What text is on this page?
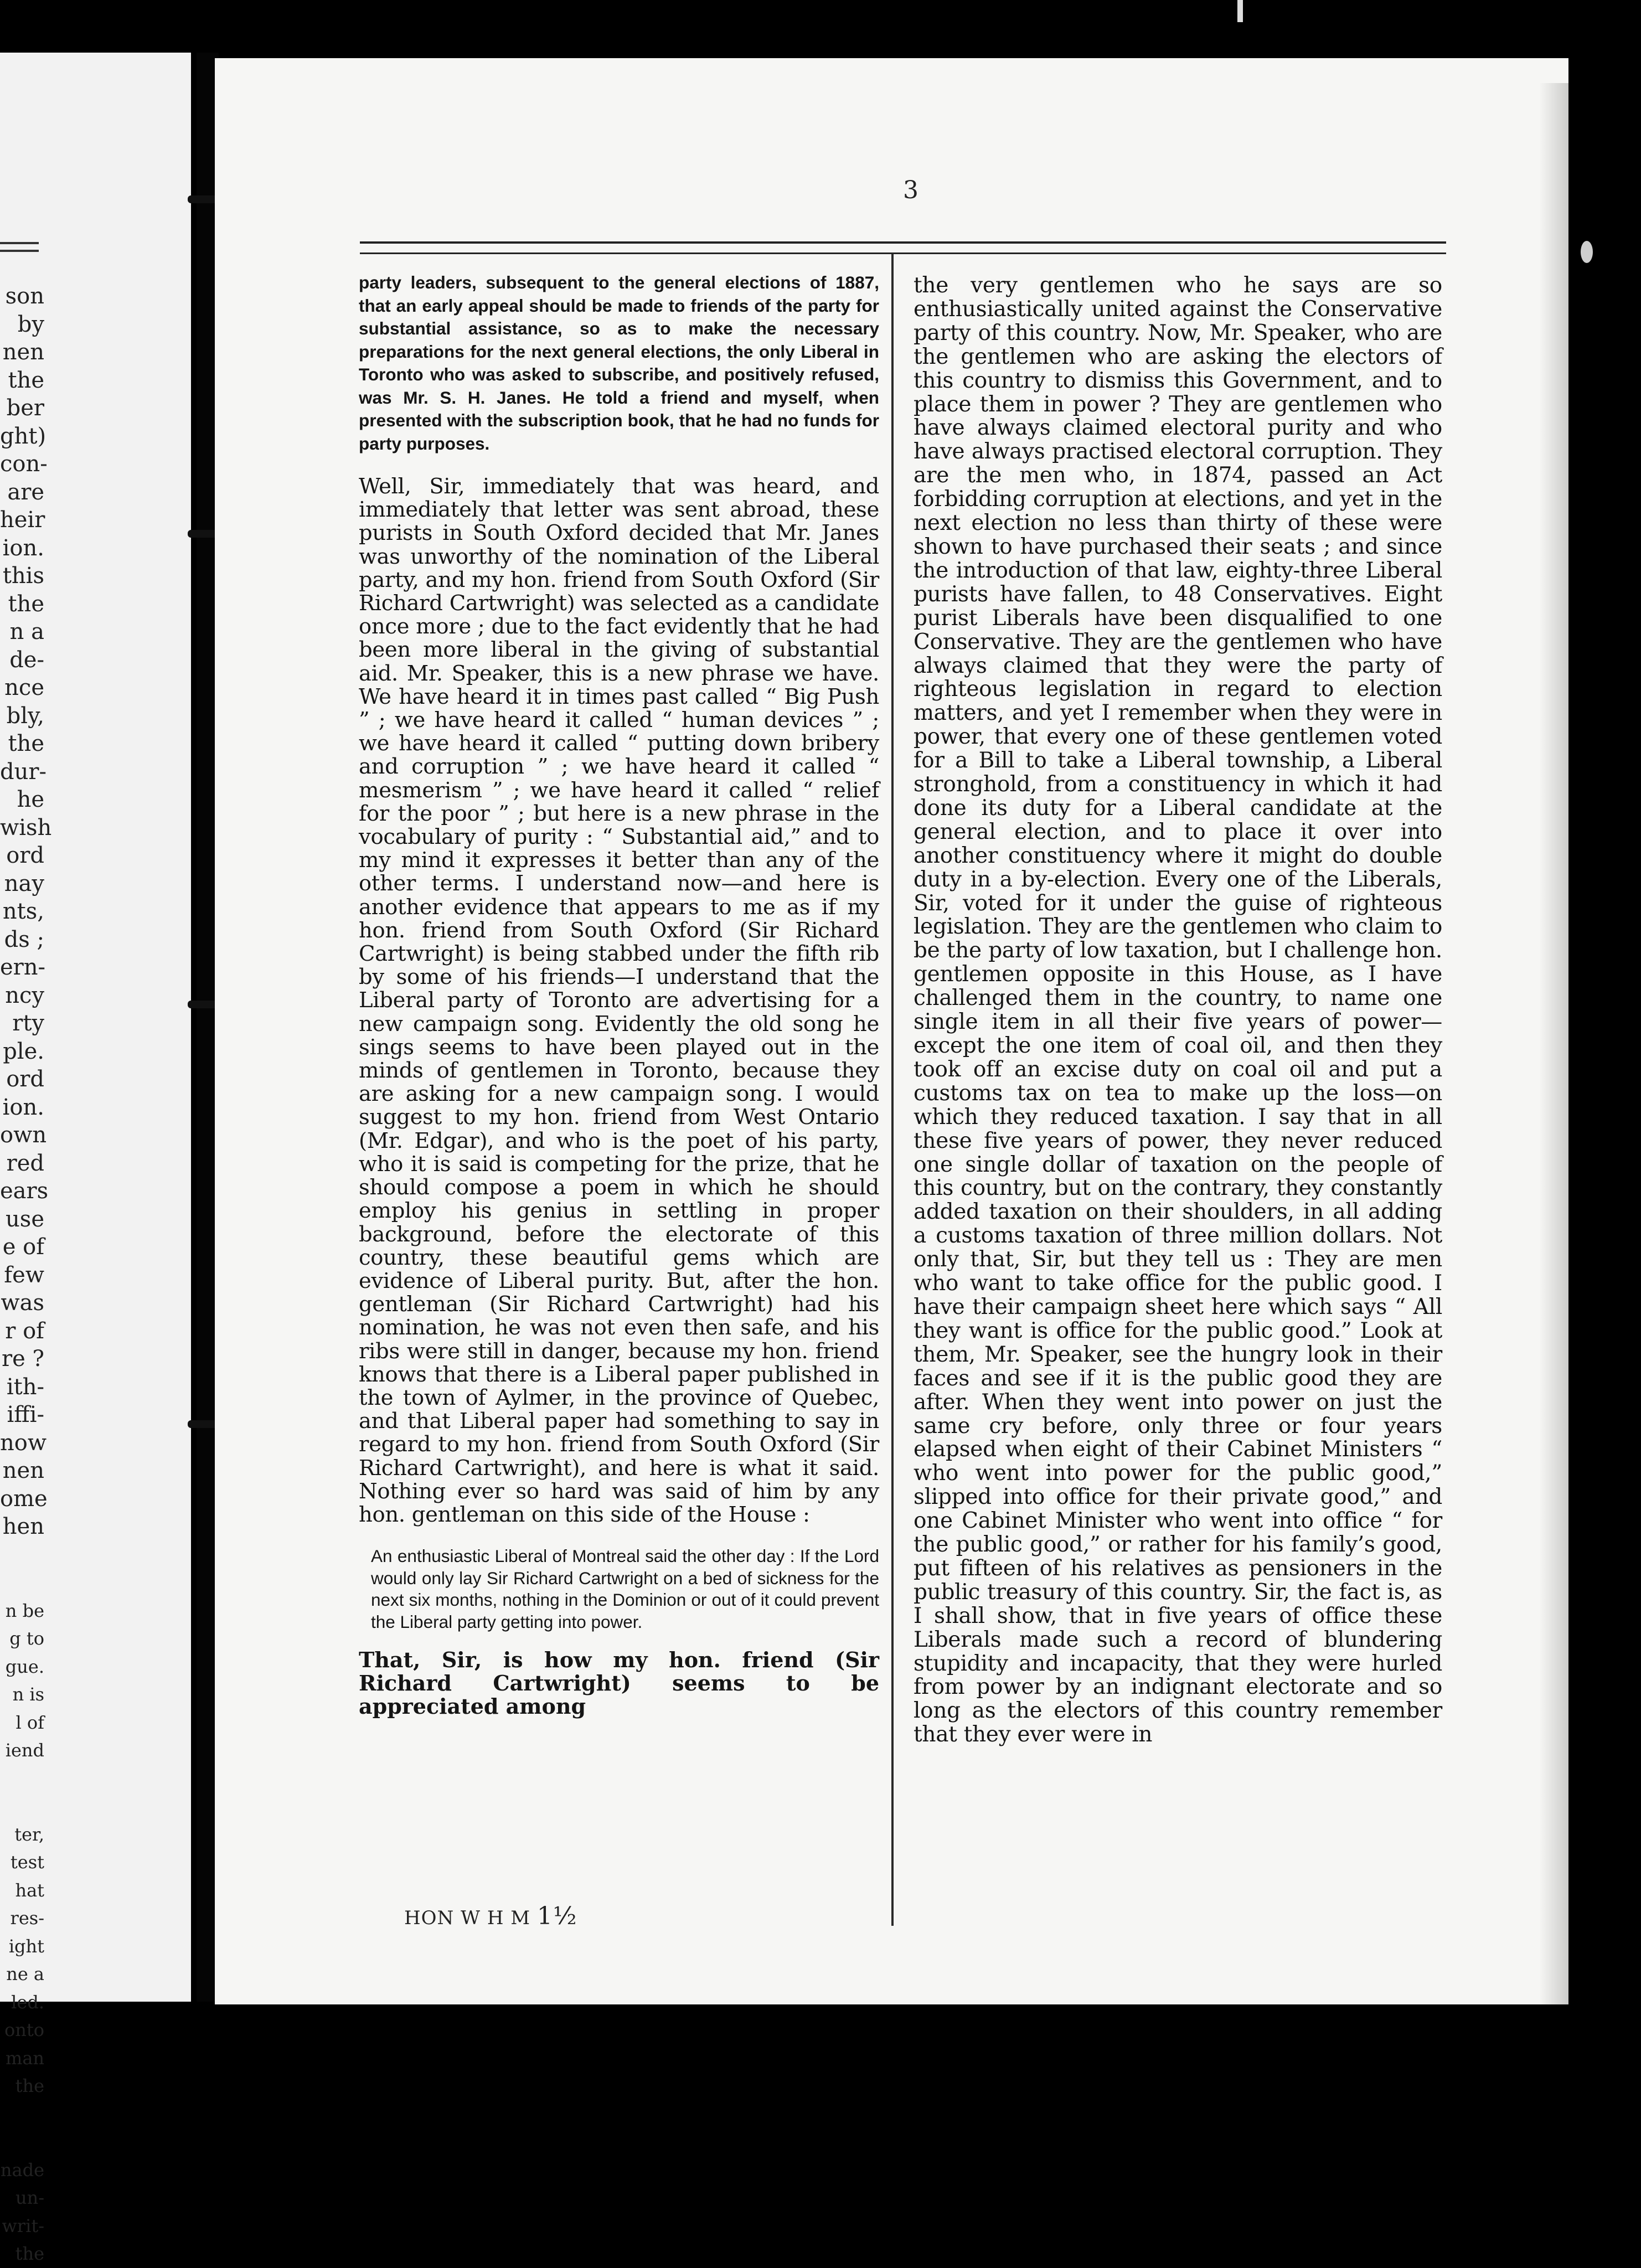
son
by
nen
the
ber
ght)
con-
are
heir
ion.
this
the
n a
de-
nce
bly,
the
dur-
he
wish
ord
nay
nts,
ds ;
ern-
ncy
rty
ple.
ord
ion.
own
red
ears
use
e of
few
was
r of
re ?
ith-
iffi-
now
nen
ome
hen

n be
g to
gue.
n is
l of
iend

ter,
test
hat
res-
ight
ne a
led.
onto
man
the

nade
un-
writ-
the
3

party leaders, subsequent to the general elections of 1887, that an early appeal should be made to friends of the party for substantial assistance, so as to make the necessary preparations for the next general elections, the only Liberal in Toronto who was asked to subscribe, and positively refused, was Mr. S. H. Janes. He told a friend and myself, when presented with the subscription book, that he had no funds for party purposes.

Well, Sir, immediately that was heard, and immediately that letter was sent abroad, these purists in South Oxford decided that Mr. Janes was unworthy of the nomination of the Liberal party, and my hon. friend from South Oxford (Sir Richard Cartwright) was selected as a candidate once more ; due to the fact evidently that he had been more liberal in the giving of substantial aid. Mr. Speaker, this is a new phrase we have. We have heard it in times past called “ Big Push ” ; we have heard it called “ human devices ” ; we have heard it called “ putting down bribery and corruption ” ; we have heard it called “ mesmerism ” ; we have heard it called “ relief for the poor ” ; but here is a new phrase in the vocabulary of purity : “ Substantial aid,” and to my mind it expresses it better than any of the other terms. I understand now—and here is another evidence that appears to me as if my hon. friend from South Oxford (Sir Richard Cartwright) is being stabbed under the fifth rib by some of his friends—I understand that the Liberal party of Toronto are advertising for a new campaign song. Evidently the old song he sings seems to have been played out in the minds of gentlemen in Toronto, because they are asking for a new campaign song. I would suggest to my hon. friend from West Ontario (Mr. Edgar), and who is the poet of his party, who it is said is competing for the prize, that he should compose a poem in which he should employ his genius in settling in proper background, before the electorate of this country, these beautiful gems which are evidence of Liberal purity. But, after the hon. gentleman (Sir Richard Cartwright) had his nomination, he was not even then safe, and his ribs were still in danger, because my hon. friend knows that there is a Liberal paper published in the town of Aylmer, in the province of Quebec, and that Liberal paper had something to say in regard to my hon. friend from South Oxford (Sir Richard Cartwright), and here is what it said. Nothing ever so hard was said of him by any hon. gentleman on this side of the House :

An enthusiastic Liberal of Montreal said the other day : If the Lord would only lay Sir Richard Cartwright on a bed of sickness for the next six months, nothing in the Dominion or out of it could prevent the Liberal party getting into power.

That, Sir, is how my hon. friend (Sir Richard Cartwright) seems to be appreciated among

the very gentlemen who he says are so enthusiastically united against the Conservative party of this country. Now, Mr. Speaker, who are the gentlemen who are asking the electors of this country to dismiss this Government, and to place them in power ? They are gentlemen who have always claimed electoral purity and who have always practised electoral corruption. They are the men who, in 1874, passed an Act forbidding corruption at elections, and yet in the next election no less than thirty of these were shown to have purchased their seats ; and since the introduction of that law, eighty-three Liberal purists have fallen, to 48 Conservatives. Eight purist Liberals have been disqualified to one Conservative. They are the gentlemen who have always claimed that they were the party of righteous legislation in regard to election matters, and yet I remember when they were in power, that every one of these gentlemen voted for a Bill to take a Liberal township, a Liberal stronghold, from a constituency in which it had done its duty for a Liberal candidate at the general election, and to place it over into another constituency where it might do double duty in a by-election. Every one of the Liberals, Sir, voted for it under the guise of righteous legislation. They are the gentlemen who claim to be the party of low taxation, but I challenge hon. gentlemen opposite in this House, as I have challenged them in the country, to name one single item in all their five years of power—except the one item of coal oil, and then they took off an excise duty on coal oil and put a customs tax on tea to make up the loss—on which they reduced taxation. I say that in all these five years of power, they never reduced one single dollar of taxation on the people of this country, but on the contrary, they constantly added taxation on their shoulders, in all adding a customs taxation of three million dollars. Not only that, Sir, but they tell us : They are men who want to take office for the public good. I have their campaign sheet here which says “ All they want is office for the public good.” Look at them, Mr. Speaker, see the hungry look in their faces and see if it is the public good they are after. When they went into power on just the same cry before, only three or four years elapsed when eight of their Cabinet Ministers “ who went into power for the public good,” slipped into office for their private good,” and one Cabinet Minister who went into office “ for the public good,” or rather for his family’s good, put fifteen of his relatives as pensioners in the public treasury of this country. Sir, the fact is, as I shall show, that in five years of office these Liberals made such a record of blundering stupidity and incapacity, that they were hurled from power by an indignant electorate and so long as the electors of this country remember that they ever were in

HON W H M 1½
